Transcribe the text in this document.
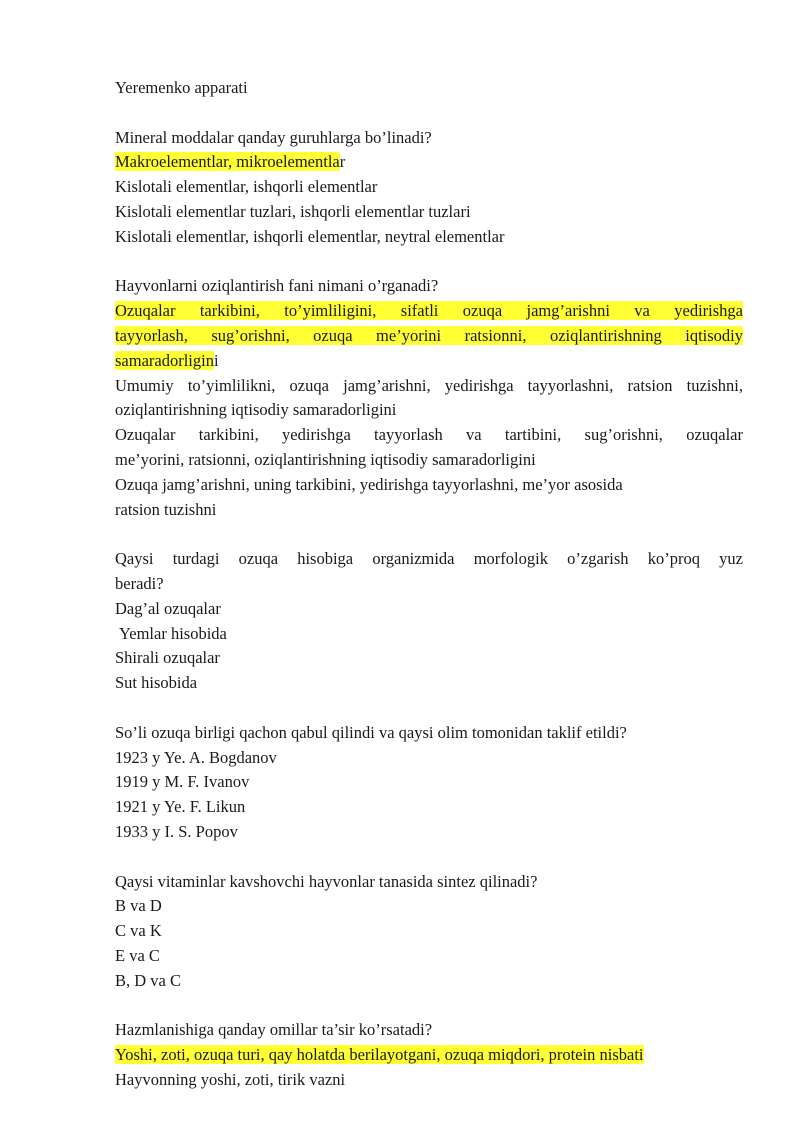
Yeremenko apparati
Mineral moddalar qanday guruhlarga bo’linadi?
Makroelementlar, mikroelementlar
Kislotali elementlar, ishqorli elementlar
Kislotali elementlar tuzlari, ishqorli elementlar tuzlari
Kislotali elementlar, ishqorli elementlar, neytral elementlar
Hayvonlarni oziqlantirish fani nimani o’rganadi?
Ozuqalar tarkibini, to’yimliligini, sifatli ozuqa jamg’arishni va yedirishga
tayyorlash, sug’orishni, ozuqa me’yorini ratsionni, oziqlantirishning iqtisodiy
samaradorligini
Umumiy to’yimlilikni, ozuqa jamg’arishni, yedirishga tayyorlashni, ratsion tuzishni,
oziqlantirishning iqtisodiy samaradorligini
Ozuqalar tarkibini, yedirishga tayyorlash va tartibini, sug’orishni, ozuqalar
me’yorini, ratsionni, oziqlantirishning iqtisodiy samaradorligini
Ozuqa jamg’arishni, uning tarkibini, yedirishga tayyorlashni, me’yor asosida
ratsion tuzishni
Qaysi turdagi ozuqa hisobiga organizmida morfologik o’zgarish ko’proq yuz
beradi?
Dag’al ozuqalar
Yemlar hisobida
Shirali ozuqalar
Sut hisobida
So’li ozuqa birligi qachon qabul qilindi va qaysi olim tomonidan taklif etildi?
1923 y Ye. A. Bogdanov
1919 y M. F. Ivanov
1921 y Ye. F. Likun
1933 y I. S. Popov
Qaysi vitaminlar kavshovchi hayvonlar tanasida sintez qilinadi?
B va D
C va K
E va C
B, D va C
Hazmlanishiga qanday omillar ta’sir ko’rsatadi?
Yoshi, zoti, ozuqa turi, qay holatda berilayotgani, ozuqa miqdori, protein nisbati
Hayvonning yoshi, zoti, tirik vazni
